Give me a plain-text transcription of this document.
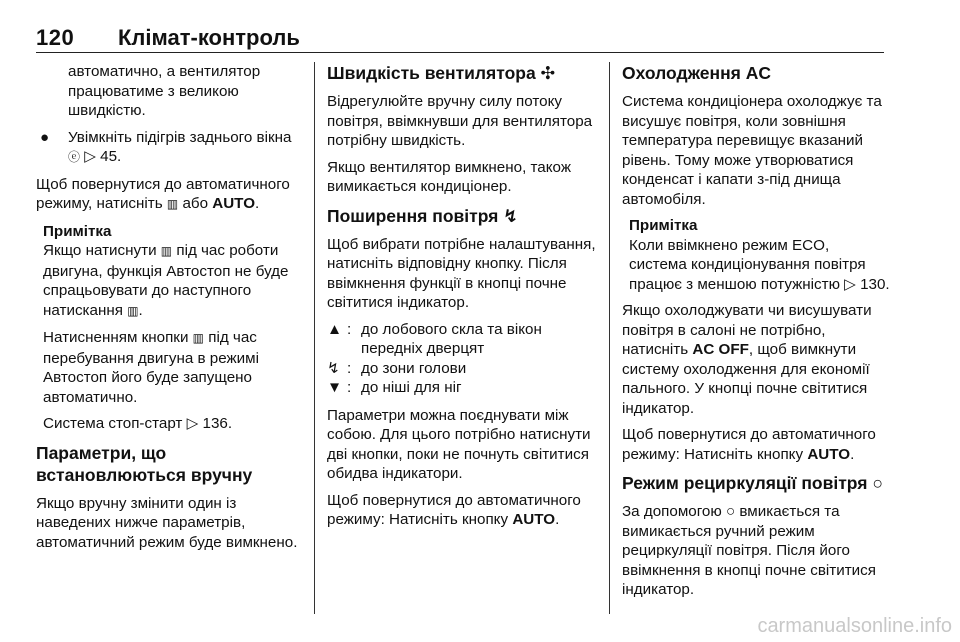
120 Клімат-контроль

автоматично, а вентилятор працюватиме з великою швидкістю.

● Увімкніть підігрів заднього вікна ⓔ ▷ 45.

Щоб повернутися до автоматичного режиму, натисніть ▥ або AUTO.

Примітка

Якщо натиснути ▥ під час роботи двигуна, функція Автостоп не буде спрацьовувати до наступного натискання ▥.

Натисненням кнопки ▥ під час перебування двигуна в режимі Автостоп його буде запущено автоматично.

Система стоп-старт ▷ 136.

Параметри, що встановлюються вручну

Якщо вручну змінити один із наведених нижче параметрів, автоматичний режим буде вимкнено.

Швидкість вентилятора ✣

Відрегулюйте вручну силу потоку повітря, ввімкнувши для вентилятора потрібну швидкість.

Якщо вентилятор вимкнено, також вимикається кондиціонер.

Поширення повітря ↯

Щоб вибрати потрібне налаштування, натисніть відповідну кнопку. Після ввімкнення функції в кнопці почне світитися індикатор.

▲ : до лобового скла та вікон передніх дверцят
↯ : до зони голови
▼ : до ніші для ніг

Параметри можна поєднувати між собою. Для цього потрібно натиснути дві кнопки, поки не почнуть світитися обидва індикатори.

Щоб повернутися до автоматичного режиму: Натисніть кнопку AUTO.

Охолодження AC

Система кондиціонера охолоджує та висушує повітря, коли зовнішня температура перевищує вказаний рівень. Тому може утворюватися конденсат і капати з-під днища автомобіля.

Примітка

Коли ввімкнено режим ECO, система кондиціонування повітря працює з меншою потужністю ▷ 130.

Якщо охолоджувати чи висушувати повітря в салоні не потрібно, натисніть AC OFF, щоб вимкнути систему охолодження для економії пального. У кнопці почне світитися індикатор.

Щоб повернутися до автоматичного режиму: Натисніть кнопку AUTO.

Режим рециркуляції повітря ○

За допомогою ○ вмикається та вимикається ручний режим рециркуляції повітря. Після його ввімкнення в кнопці почне світитися індикатор.

carmanualsonline.info
